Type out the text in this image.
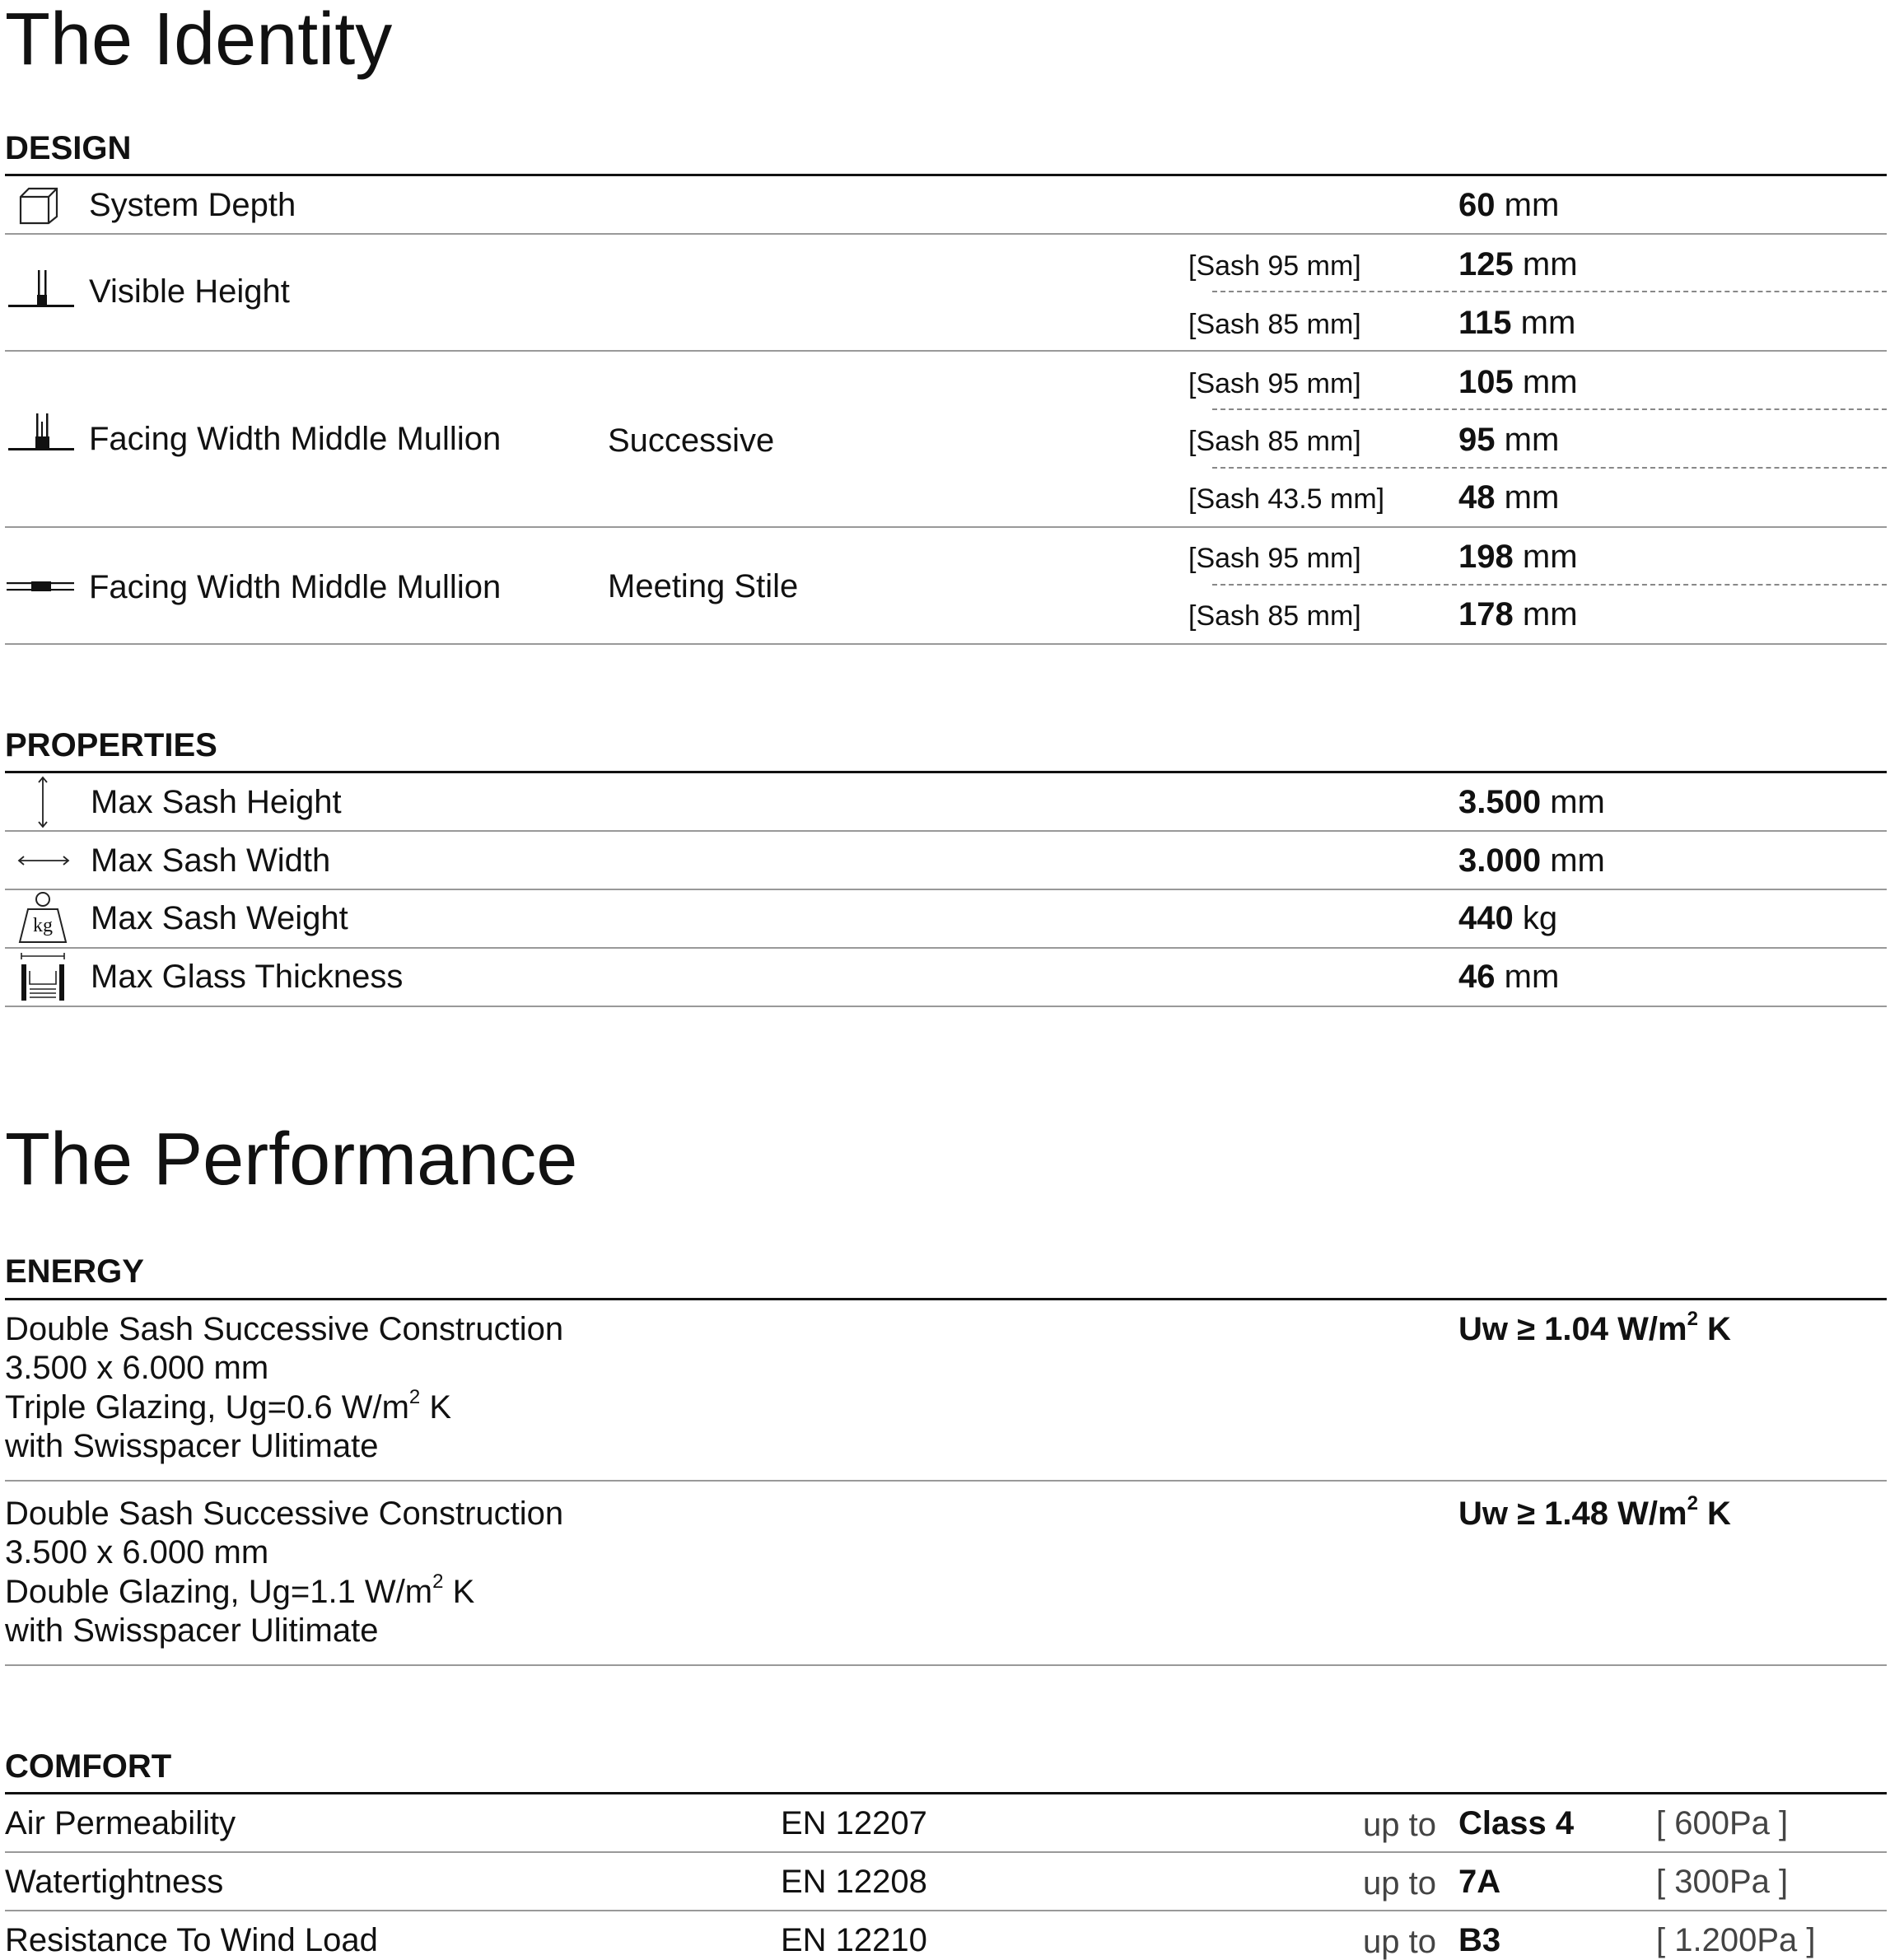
The Identity
DESIGN
System Depth	60 mm
Visible Height
[Sash 95 mm]	125 mm
[Sash 85 mm]	115 mm
Facing Width Middle Mullion	Successive
[Sash 95 mm]	105 mm
[Sash 85 mm]	95 mm
[Sash 43.5 mm] 48 mm
Facing Width Middle Mullion	Meeting Stile
[Sash 95 mm]	198 mm
[Sash 85 mm]	178 mm
PROPERTIES
Max Sash Height	3.500 mm
Max Sash Width	3.000 mm
kg	Max Sash Weight	440 kg
Max Glass Thickness	46 mm
The Performance
ENERGY
Double Sash Successive Construction
3.500 x 6.000 mm
Triple Glazing, Ug=0.6 $W/m^2$ K
with Swisspacer Ulitimate
Uw ≥ 1.04 $W/m^2$ K
Double Sash Successive Construction
3.500 x 6.000 mm
Double Glazing, Ug=1.1 $W/m^2$ K
with Swisspacer Ulitimate
Uw ≥ 1.48 $W/m^2$ K
COMFORT
Air Permeability	EN 12207	up to Class 4 [ 600Pa ]
Watertightness	EN 12208	up to 7A	[ 300Pa ]
Resistance To Wind Load	EN 12210	up to B3	[ 1.200Pa ]
